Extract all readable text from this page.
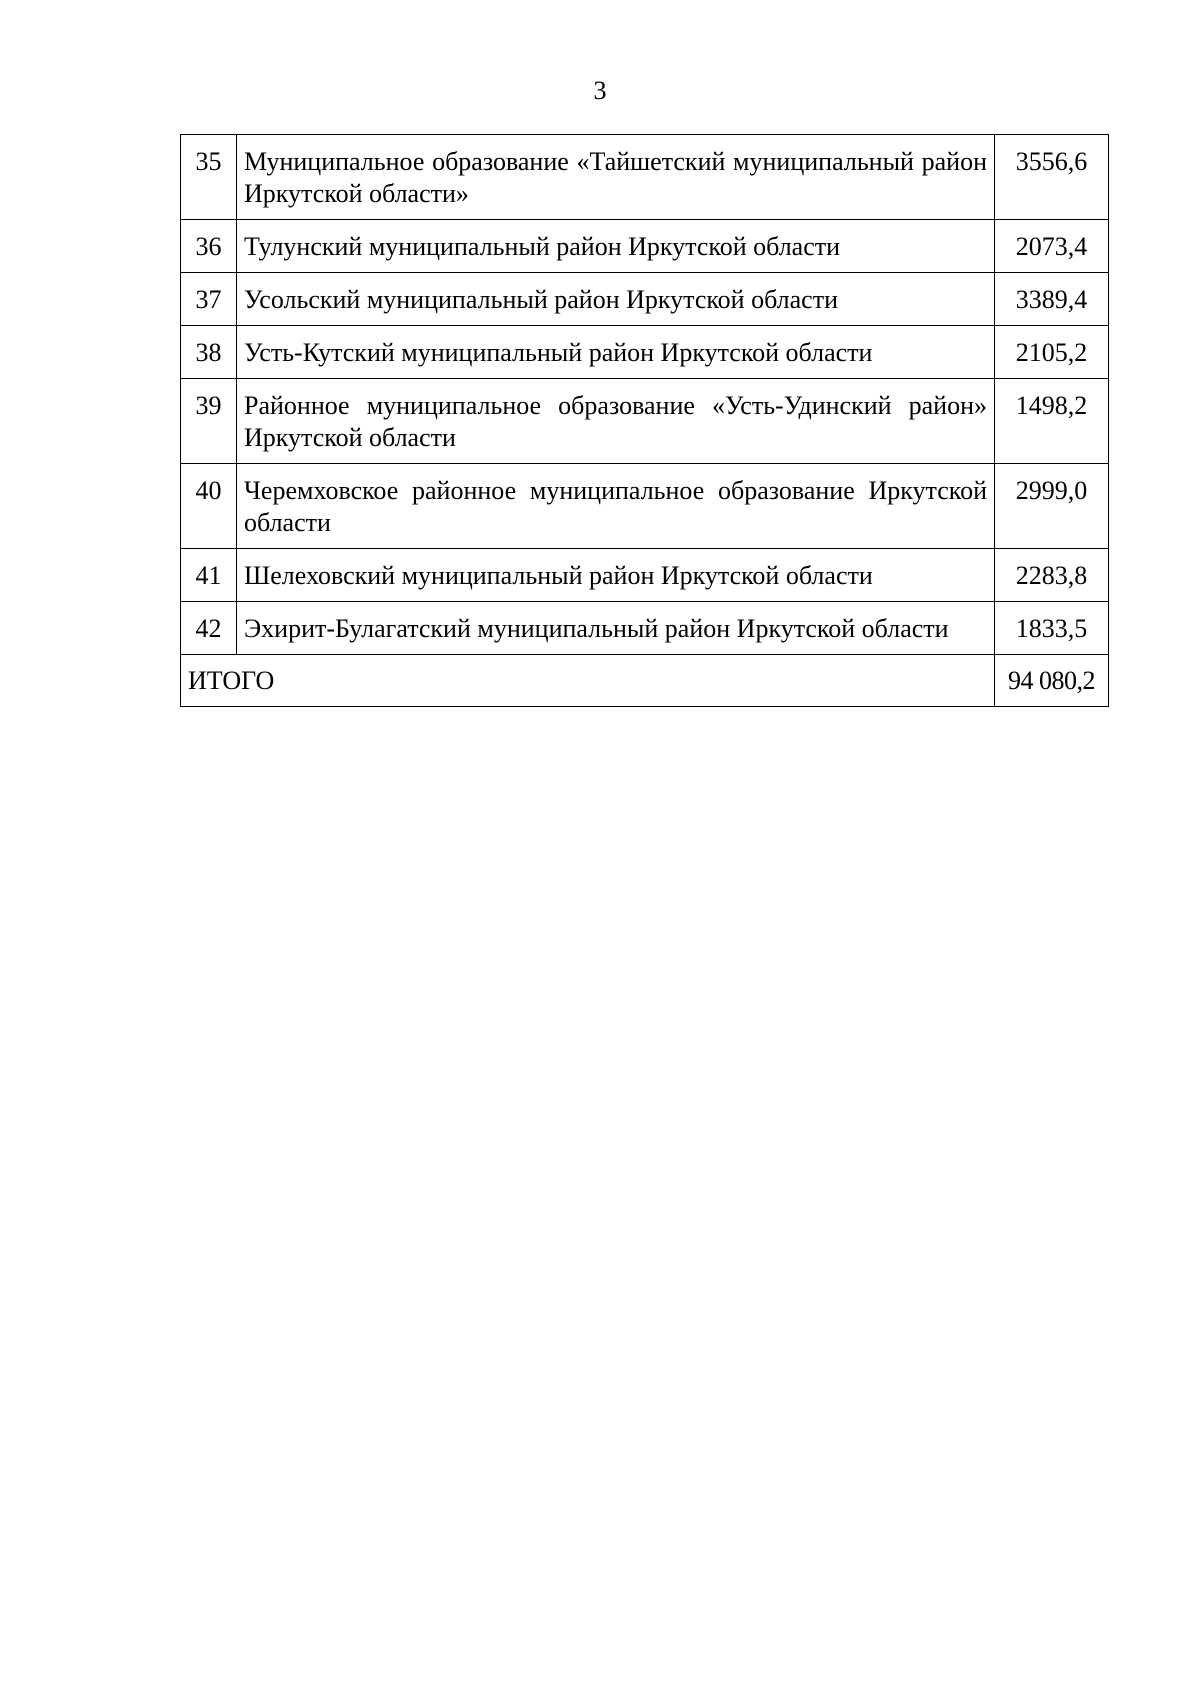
3
35	Муниципальное образование «Тайшетский муниципальный район Иркутской области»	3556,6
36	Тулунский муниципальный район Иркутской области	2073,4
37	Усольский муниципальный район Иркутской области	3389,4
38	Усть-Кутский муниципальный район Иркутской области	2105,2
39	Районное муниципальное образование «Усть-Удинский район» Иркутской области	1498,2
40	Черемховское районное муниципальное образование Иркутской области	2999,0
41	Шелеховский муниципальный район Иркутской области	2283,8
42	Эхирит-Булагатский муниципальный район Иркутской области	1833,5
ИТОГО		94 080,2
